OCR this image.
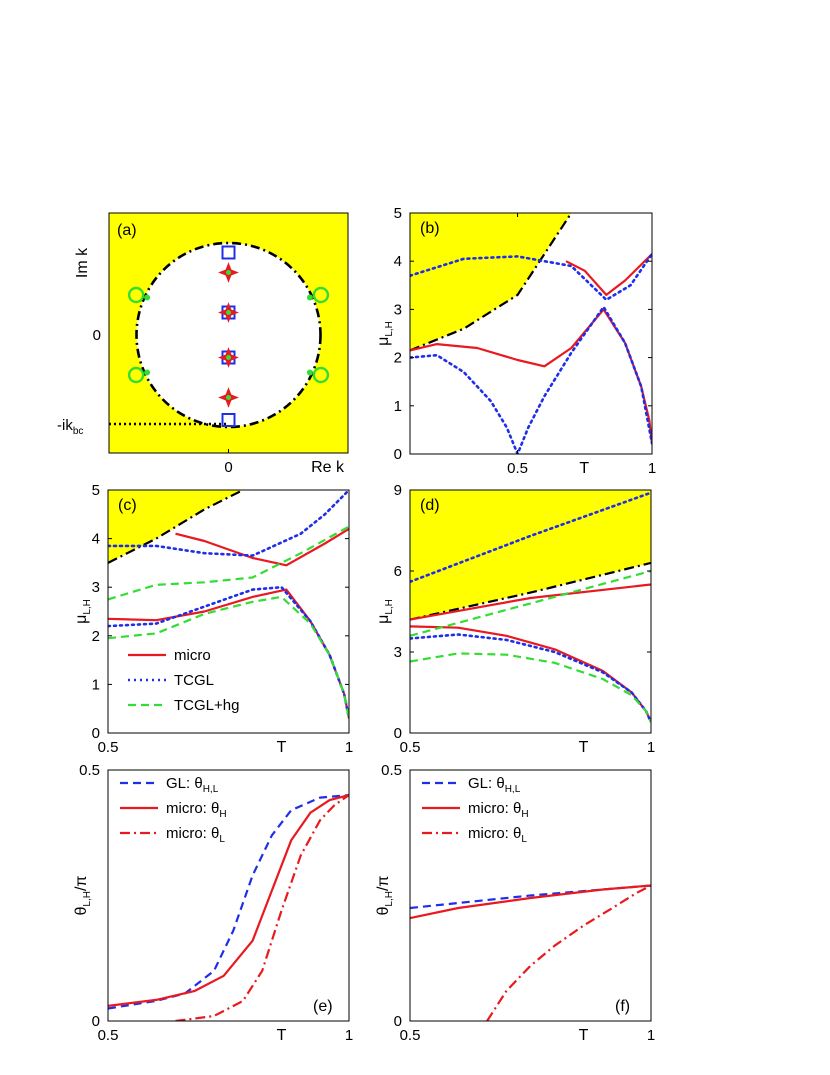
(a)
Im k
0
0
$-ik_{bc}$
Re k	0.5	1
0
1
2
3
4
5
T
$\mu_{L,H}$
(b)
0.5	1
0
1
2
3
4
5
T
$\mu_{L,H}$
(c)
micro
TCGL
TCGL+hg
0.5	1
0
3
6
9
T
$\mu_{L,H}$
(d)
0.5	1
0
0.5
T
$\theta_{L,H}/\pi$
(e)
GL: $\theta_{H,L}$
micro: $\theta_H$
micro: $\theta_L$
0.5	1
0
0.5
T
$\theta_{L,H}/\pi$
(f)
GL: $\theta_{H,L}$
micro: $\theta_H$
micro: $\theta_L$
